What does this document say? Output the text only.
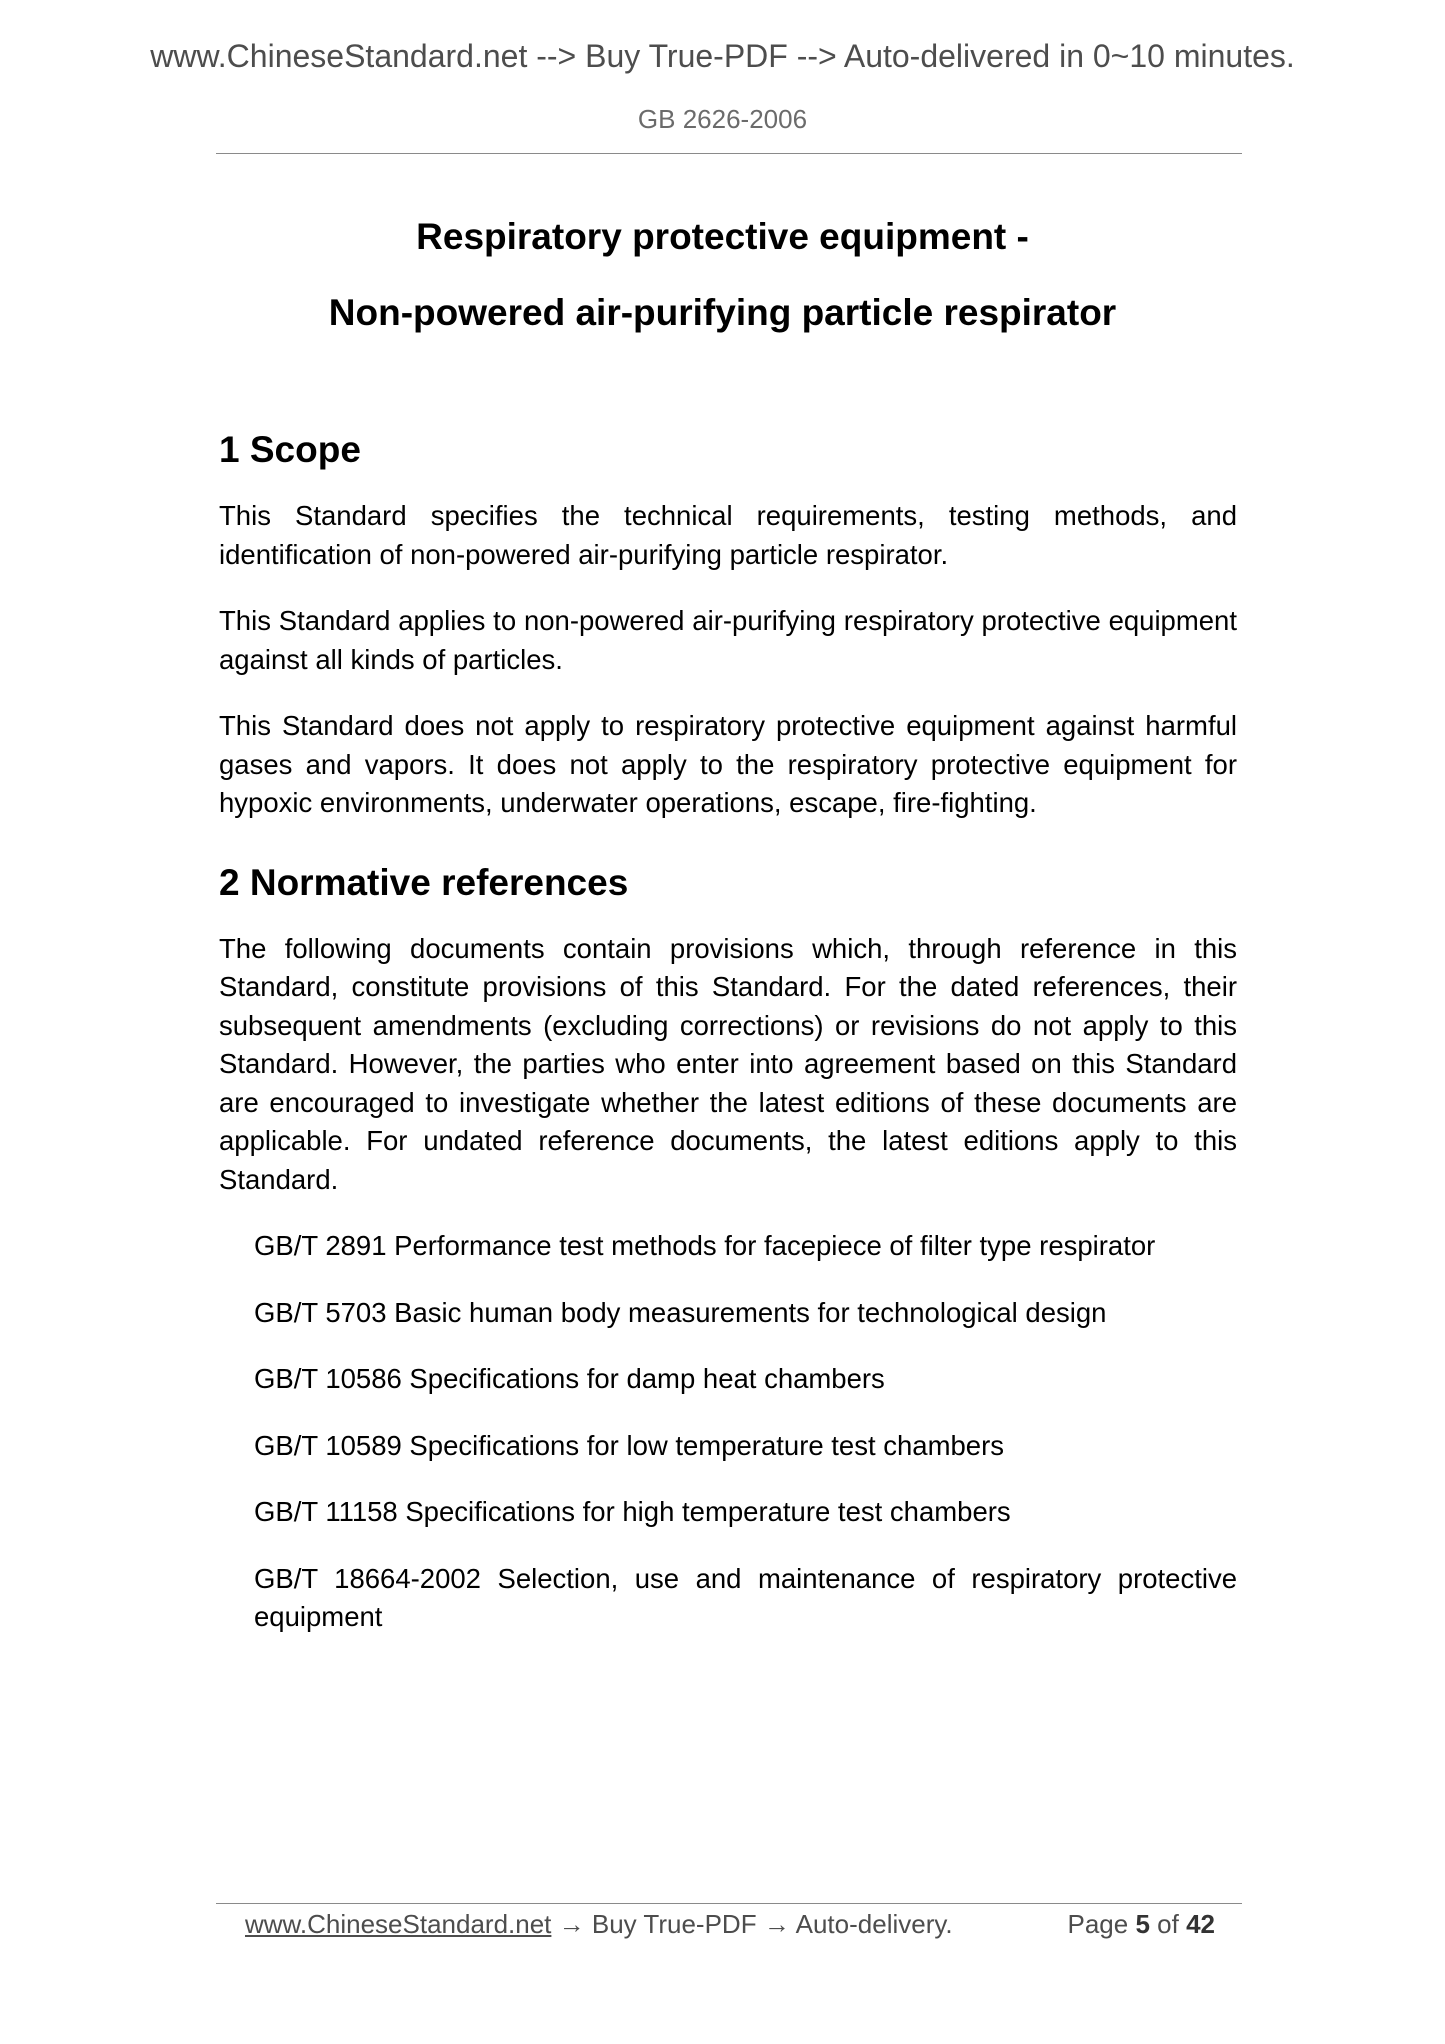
www.ChineseStandard.net --> Buy True-PDF --> Auto-delivered in 0~10 minutes.
GB 2626-2006
Respiratory protective equipment -
Non-powered air-purifying particle respirator
1 Scope

This Standard specifies the technical requirements, testing methods, and identification of non-powered air-purifying particle respirator.

This Standard applies to non-powered air-purifying respiratory protective equipment against all kinds of particles.

This Standard does not apply to respiratory protective equipment against harmful gases and vapors. It does not apply to the respiratory protective equipment for hypoxic environments, underwater operations, escape, fire-fighting.

2 Normative references

The following documents contain provisions which, through reference in this Standard, constitute provisions of this Standard. For the dated references, their subsequent amendments (excluding corrections) or revisions do not apply to this Standard. However, the parties who enter into agreement based on this Standard are encouraged to investigate whether the latest editions of these documents are applicable. For undated reference documents, the latest editions apply to this Standard.

GB/T 2891 Performance test methods for facepiece of filter type respirator
GB/T 5703 Basic human body measurements for technological design
GB/T 10586 Specifications for damp heat chambers
GB/T 10589 Specifications for low temperature test chambers
GB/T 11158 Specifications for high temperature test chambers
GB/T 18664-2002 Selection, use and maintenance of respiratory protective equipment
www.ChineseStandard.net → Buy True-PDF → Auto-delivery.	Page 5 of 42
